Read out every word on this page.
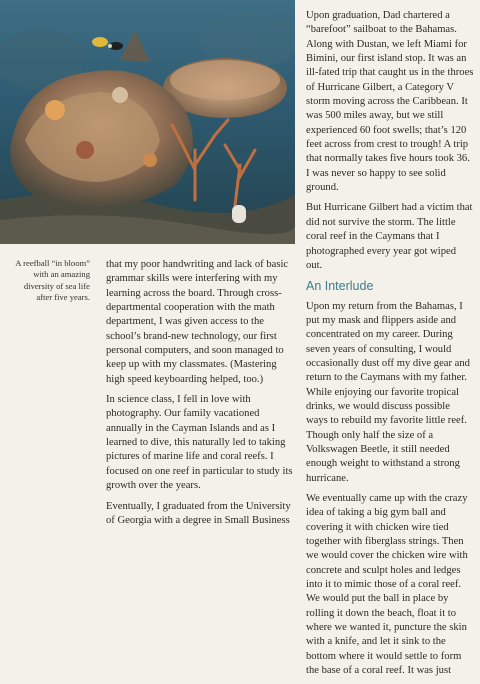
A reefball “in bloom” with an amazing diversity of sea life after five years.

that my poor handwriting and lack of basic grammar skills were interfering with my learning across the board. Through cross-departmental cooperation with the math department, I was given access to the school’s brand-new technology, our first personal computers, and soon managed to keep up with my classmates. (Mastering high speed keyboarding helped, too.)

In science class, I fell in love with photography. Our family vacationed annually in the Cayman Islands and as I learned to dive, this naturally led to taking pictures of marine life and coral reefs. I focused on one reef in particular to study its growth over the years.

Eventually, I graduated from the University of Georgia with a degree in Small Business

Upon graduation, Dad chartered a “barefoot” sailboat to the Bahamas. Along with Dustan, we left Miami for Bimini, our first island stop. It was an ill-fated trip that caught us in the throes of Hurricane Gilbert, a Category V storm moving across the Caribbean. It was 500 miles away, but we still experienced 60 foot swells; that’s 120 feet across from crest to trough! A trip that normally takes five hours took 36. I was never so happy to see solid ground.

But Hurricane Gilbert had a victim that did not survive the storm. The little coral reef in the Caymans that I photographed every year got wiped out.

An Interlude

Upon my return from the Bahamas, I put my mask and flippers aside and concentrated on my career. During seven years of consulting, I would occasionally dust off my dive gear and return to the Caymans with my father. While enjoying our favorite tropical drinks, we would discuss possible ways to rebuild my favorite little reef. Though only half the size of a Volkswagen Beetle, it still needed enough weight to withstand a strong hurricane.

We eventually came up with the crazy idea of taking a big gym ball and covering it with chicken wire tied together with fiberglass strings. Then we would cover the chicken wire with concrete and sculpt holes and ledges into it to mimic those of a coral reef. We would put the ball in place by rolling it down the beach, float it to where we wanted it, puncture the skin with a knife, and let it sink to the bottom where it would settle to form the base of a coral reef. It was just
